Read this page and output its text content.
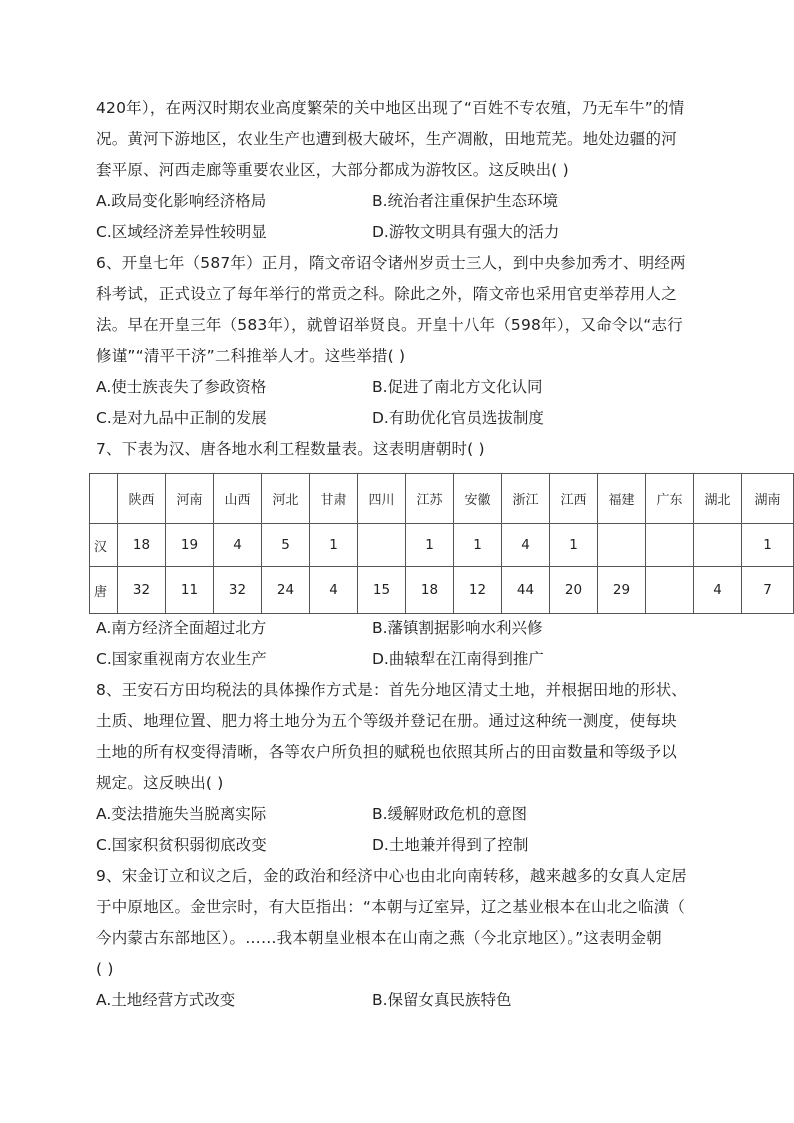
420年），在两汉时期农业高度繁荣的关中地区出现了“百姓不专农殖，乃无车牛”的情
况。黄河下游地区，农业生产也遭到极大破坏，生产凋敝，田地荒芜。地处边疆的河
套平原、河西走廊等重要农业区，大部分都成为游牧区。这反映出( )
A.政局变化影响经济格局	B.统治者注重保护生态环境
C.区域经济差异性较明显	D.游牧文明具有强大的活力
6、开皇七年（587年）正月，隋文帝诏令诸州岁贡士三人，到中央参加秀才、明经两
科考试，正式设立了每年举行的常贡之科。除此之外，隋文帝也采用官吏举荐用人之
法。早在开皇三年（583年），就曾诏举贤良。开皇十八年（598年），又命令以“志行
修谨”“清平干济”二科推举人才。这些举措( )
A.使士族丧失了参政资格	B.促进了南北方文化认同
C.是对九品中正制的发展	D.有助优化官员选拔制度
7、下表为汉、唐各地水利工程数量表。这表明唐朝时( )
	陕西	河南	山西	河北	甘肃	四川	江苏	安徽	浙江	江西	福建	广东	湖北	湖南
汉	18	19	4	5	1		1	1	4	1				1
唐	32	11	32	24	4	15	18	12	44	20	29		4	7
A.南方经济全面超过北方	B.藩镇割据影响水利兴修
C.国家重视南方农业生产	D.曲辕犁在江南得到推广
8、王安石方田均税法的具体操作方式是：首先分地区清丈土地，并根据田地的形状、
土质、地理位置、肥力将土地分为五个等级并登记在册。通过这种统一测度，使每块
土地的所有权变得清晰，各等农户所负担的赋税也依照其所占的田亩数量和等级予以
规定。这反映出( )
A.变法措施失当脱离实际	B.缓解财政危机的意图
C.国家积贫积弱彻底改变	D.土地兼并得到了控制
9、宋金订立和议之后，金的政治和经济中心也由北向南转移，越来越多的女真人定居
于中原地区。金世宗时，有大臣指出：“本朝与辽室异，辽之基业根本在山北之临潢（
今内蒙古东部地区）。……我本朝皇业根本在山南之燕（今北京地区）。”这表明金朝
( )
A.土地经营方式改变	B.保留女真民族特色
